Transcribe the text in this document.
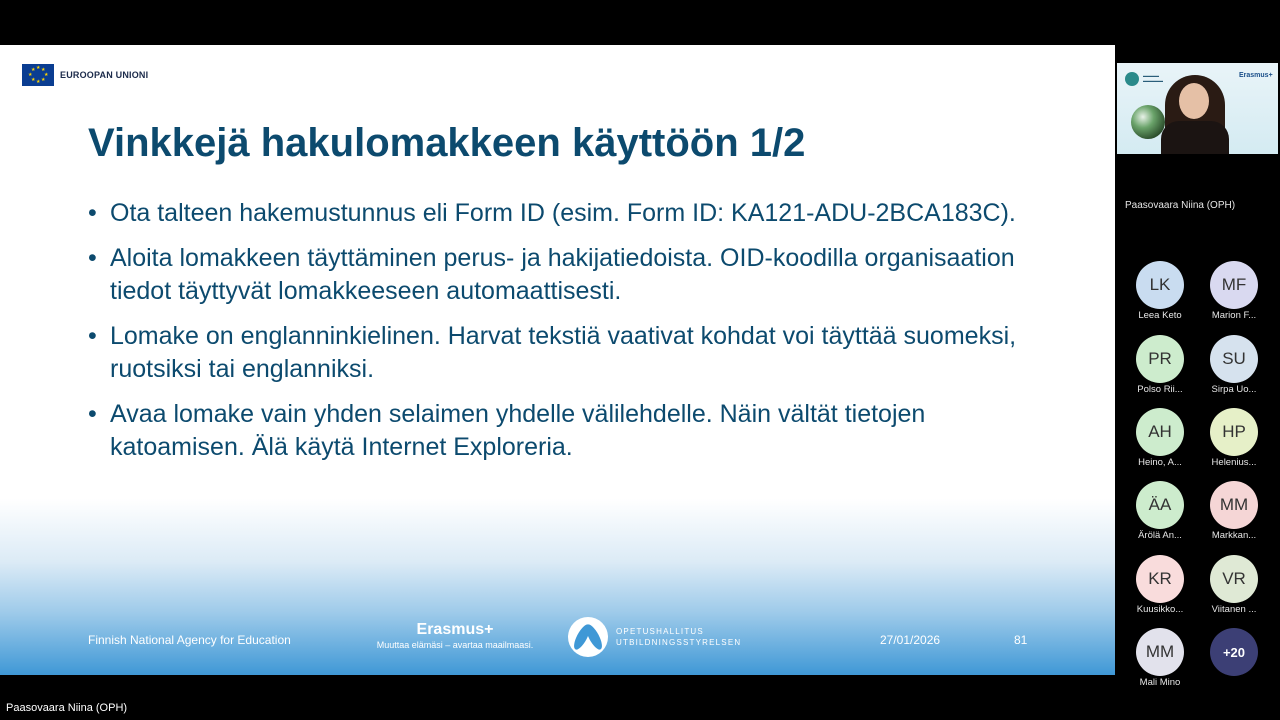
★ ★
★
★
★
★
★
★	EUROOPAN UNIONI
Vinkkejä hakulomakkeen käyttöön 1/2
• Ota talteen hakemustunnus eli Form ID (esim. Form ID: KA121-ADU-2BCA183C).
• Aloita lomakkeen täyttäminen perus- ja hakijatiedoista. OID-koodilla organisaation tiedot täyttyvät lomakkeeseen automaattisesti.
• Lomake on englanninkielinen. Harvat tekstiä vaativat kohdat voi täyttää suomeksi, ruotsiksi tai englanniksi.
• Avaa lomake vain yhden selaimen yhdelle välilehdelle. Näin vältät tietojen katoamisen. Älä käytä Internet Exploreria.
Finnish National Agency for Education
Erasmus+
Muuttaa elämäsi – avartaa maailmaasi.
OPETUSHALLITUS
UTBILDNINGSSTYRELSEN	27/01/2026	81
Paasovaara Niina (OPH)
▬▬▬▬
▬▬▬▬▬
Erasmus+
Paasovaara Niina (OPH)
LK
Leea Keto
MF
Marion F...
PR
Polso Rii...
SU
Sirpa Uo...
AH
Heino, A...
HP
Helenius...
ÄA
Ärölä An...
MM
Markkan...
KR
Kuusikko...
VR
Viitanen ...
MM
Mali Mino
+20
